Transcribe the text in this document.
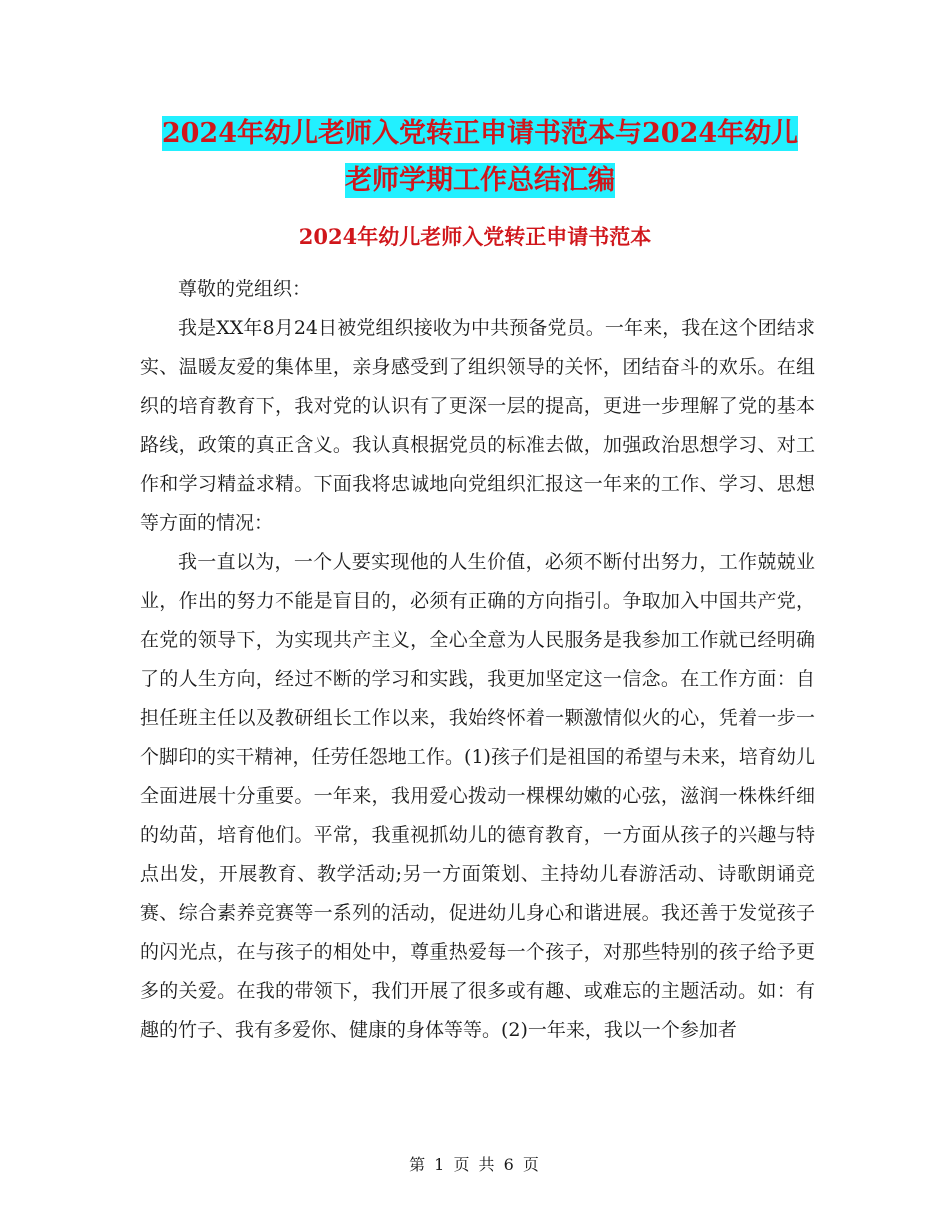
2024年幼儿老师入党转正申请书范本与2024年幼儿老师学期工作总结汇编
2024年幼儿老师入党转正申请书范本

尊敬的党组织：

我是XX年8月24日被党组织接收为中共预备党员。一年来，我在这个团结求实、温暖友爱的集体里，亲身感受到了组织领导的关怀，团结奋斗的欢乐。在组织的培育教育下，我对党的认识有了更深一层的提高，更进一步理解了党的基本路线，政策的真正含义。我认真根据党员的标准去做，加强政治思想学习、对工作和学习精益求精。下面我将忠诚地向党组织汇报这一年来的工作、学习、思想等方面的情况：

我一直以为，一个人要实现他的人生价值，必须不断付出努力，工作兢兢业业，作出的努力不能是盲目的，必须有正确的方向指引。争取加入中国共产党，在党的领导下，为实现共产主义，全心全意为人民服务是我参加工作就已经明确了的人生方向，经过不断的学习和实践，我更加坚定这一信念。在工作方面：自担任班主任以及教研组长工作以来，我始终怀着一颗激情似火的心，凭着一步一个脚印的实干精神，任劳任怨地工作。(1)孩子们是祖国的希望与未来，培育幼儿全面进展十分重要。一年来，我用爱心拨动一棵棵幼嫩的心弦，滋润一株株纤细的幼苗，培育他们。平常，我重视抓幼儿的德育教育，一方面从孩子的兴趣与特点出发，开展教育、教学活动;另一方面策划、主持幼儿春游活动、诗歌朗诵竞赛、综合素养竞赛等一系列的活动，促进幼儿身心和谐进展。我还善于发觉孩子的闪光点，在与孩子的相处中，尊重热爱每一个孩子，对那些特别的孩子给予更多的关爱。在我的带领下，我们开展了很多或有趣、或难忘的主题活动。如：有趣的竹子、我有多爱你、健康的身体等等。(2)一年来，我以一个参加者

第 1 页 共 6 页
